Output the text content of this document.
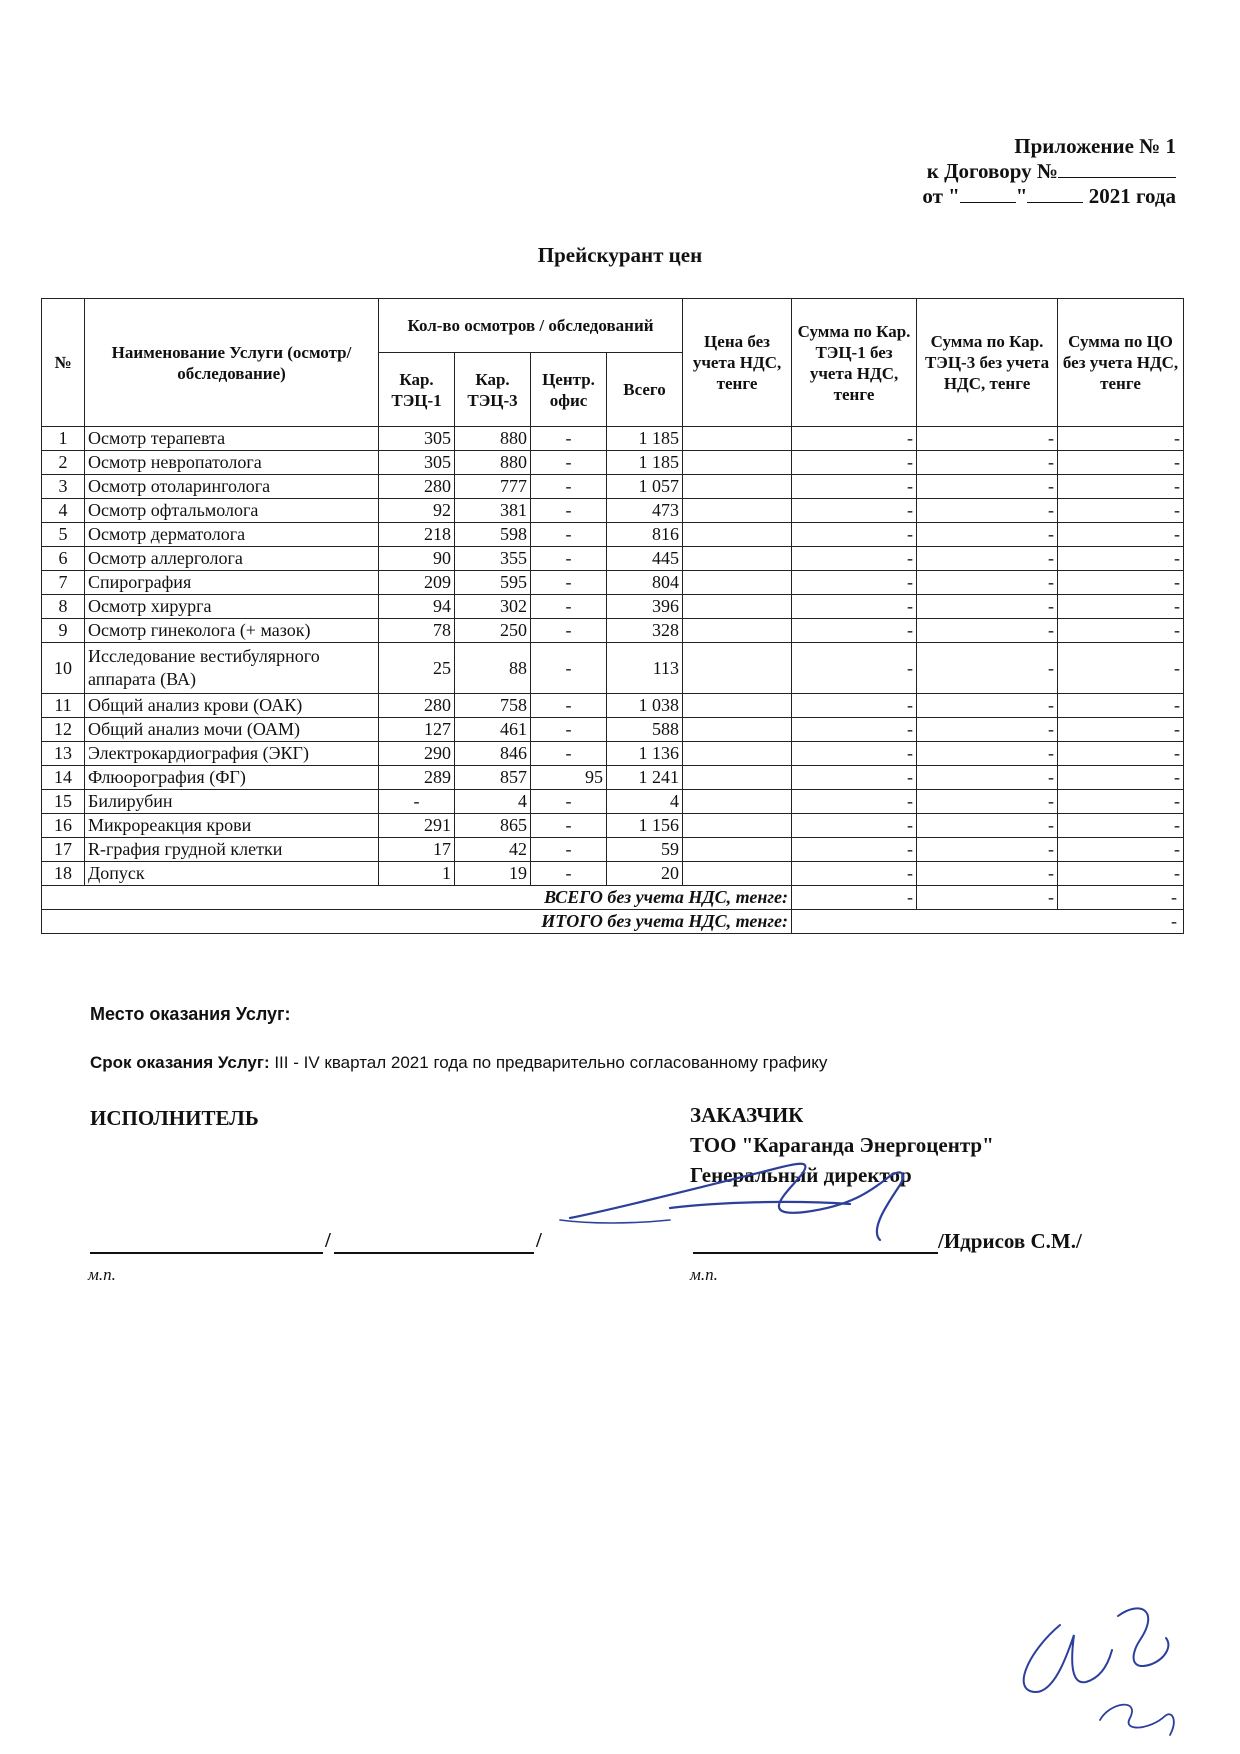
Приложение № 1
к Договору №
от "	"	2021 года
Прейскурант цен
№	Наименование Услуги (осмотр/обследование)	Кол-во осмотров / обследований				Цена без учета НДС, тенге	Сумма по Кар. ТЭЦ-1 без учета НДС, тенге	Сумма по Кар. ТЭЦ-3 без учета НДС, тенге	Сумма по ЦО без учета НДС, тенге
		Кар. ТЭЦ-1	Кар. ТЭЦ-3	Центр. офис	Всего				
1	Осмотр терапевта	305	880	-	1 185		-	-	-
2	Осмотр невропатолога	305	880	-	1 185		-	-	-
3	Осмотр отоларинголога	280	777	-	1 057		-	-	-
4	Осмотр офтальмолога	92	381	-	473		-	-	-
5	Осмотр дерматолога	218	598	-	816		-	-	-
6	Осмотр аллерголога	90	355	-	445		-	-	-
7	Спирография	209	595	-	804		-	-	-
8	Осмотр хирурга	94	302	-	396		-	-	-
9	Осмотр гинеколога (+ мазок)	78	250	-	328		-	-	-
10	Исследование вестибулярного аппарата (ВА)	25	88	-	113		-	-	-
11	Общий анализ крови (ОАК)	280	758	-	1 038		-	-	-
12	Общий анализ мочи (ОАМ)	127	461	-	588		-	-	-
13	Электрокардиография (ЭКГ)	290	846	-	1 136		-	-	-
14	Флюорография (ФГ)	289	857	95	1 241		-	-	-
15	Билирубин	-	4	-	4		-	-	-
16	Микрореакция крови	291	865	-	1 156		-	-	-
17	R-графия грудной клетки	17	42	-	59		-	-	-
18	Допуск	1	19	-	20		-	-	-
ВСЕГО без учета НДС, тенге:							-	-	-
ИТОГО без учета НДС, тенге:							-		
Место оказания Услуг:
Срок оказания Услуг: III - IV квартал 2021 года по предварительно согласованному графику
ИСПОЛНИТЕЛЬ
/	/
м.п.
ЗАКАЗЧИК
ТОО "Караганда Энергоцентр"
Генеральный директор
/Идрисов С.М./
м.п.
